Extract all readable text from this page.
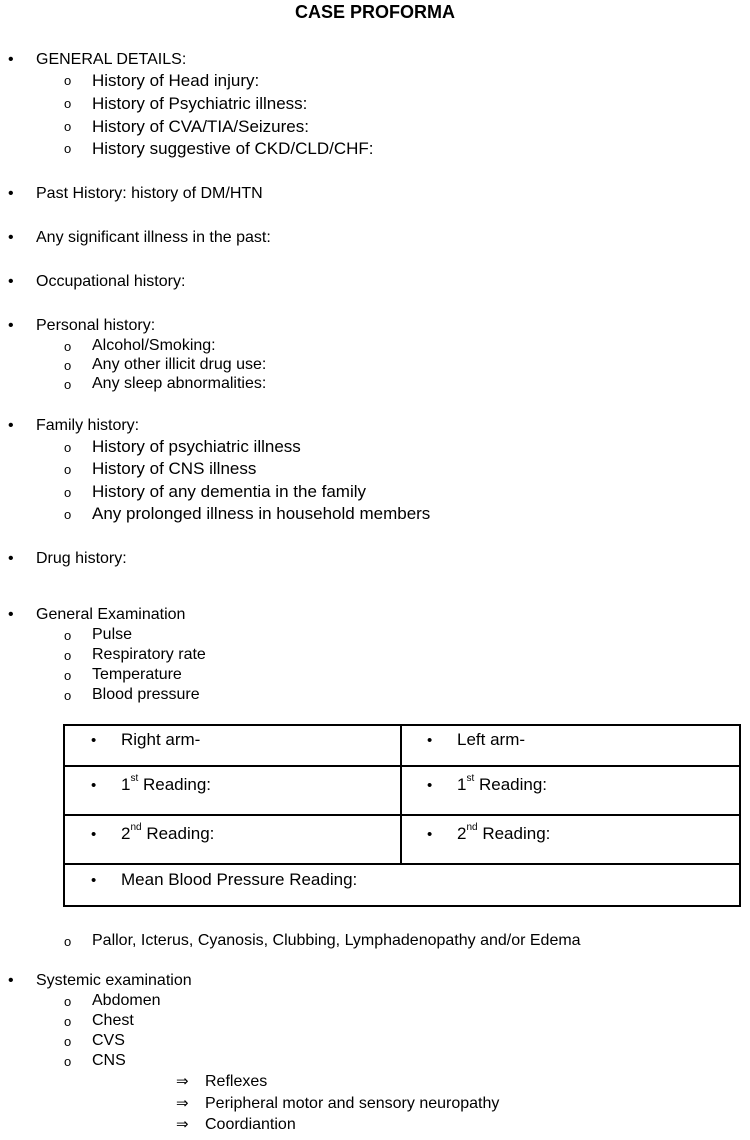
CASE PROFORMA
• GENERAL DETAILS:
o History of Head injury:
o History of Psychiatric illness:
o History of CVA/TIA/Seizures:
o History suggestive of CKD/CLD/CHF:
• Past History: history of DM/HTN
• Any significant illness in the past:
• Occupational history:
• Personal history:
o Alcohol/Smoking:
o Any other illicit drug use:
o Any sleep abnormalities:
• Family history:
o History of psychiatric illness
o History of CNS illness
o History of any dementia in the family
o Any prolonged illness in household members
• Drug history:
• General Examination
o Pulse
o Respiratory rate
o Temperature
o Blood pressure
• Right arm-	• Left arm-
• 1st Reading:	• 1st Reading:
• 2nd Reading:	• 2nd Reading:
• Mean Blood Pressure Reading:
o Pallor, Icterus, Cyanosis, Clubbing, Lymphadenopathy and/or Edema
• Systemic examination
o Abdomen
o Chest
o CVS
o CNS
⇒ Reflexes
⇒ Peripheral motor and sensory neuropathy
⇒ Coordiantion
